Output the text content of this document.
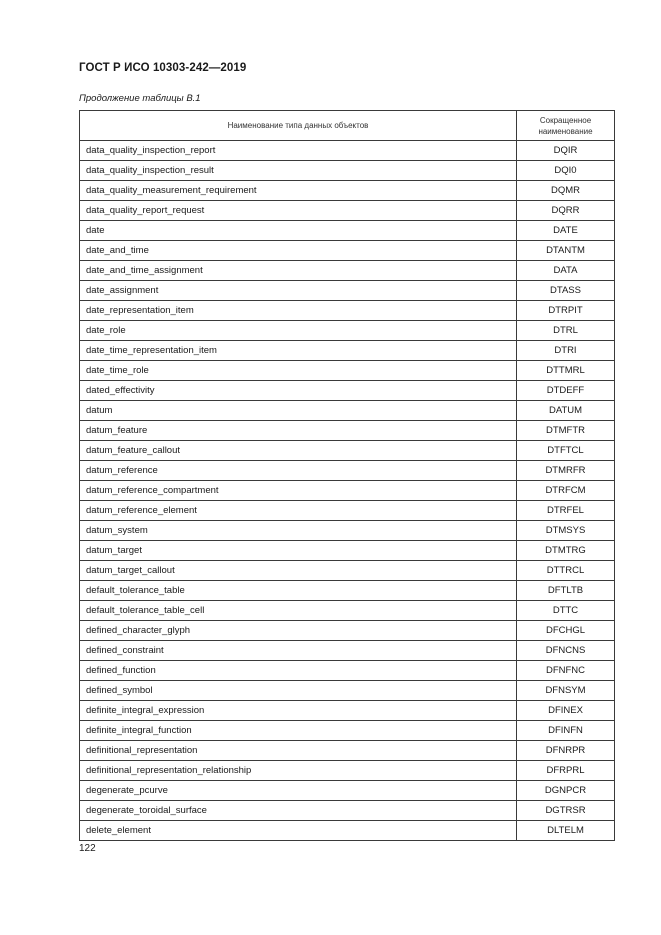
ГОСТ Р ИСО 10303-242—2019
Продолжение таблицы В.1
Наименование типа данных объектов	Сокращенное наименование
data_quality_inspection_report	DQIR
data_quality_inspection_result	DQI0
data_quality_measurement_requirement	DQMR
data_quality_report_request	DQRR
date	DATE
date_and_time	DTANTM
date_and_time_assignment	DATA
date_assignment	DTASS
date_representation_item	DTRPIT
date_role	DTRL
date_time_representation_item	DTRI
date_time_role	DTTMRL
dated_effectivity	DTDEFF
datum	DATUM
datum_feature	DTMFTR
datum_feature_callout	DTFTCL
datum_reference	DTMRFR
datum_reference_compartment	DTRFCM
datum_reference_element	DTRFEL
datum_system	DTMSYS
datum_target	DTMTRG
datum_target_callout	DTTRCL
default_tolerance_table	DFTLTB
default_tolerance_table_cell	DTTC
defined_character_glyph	DFCHGL
defined_constraint	DFNCNS
defined_function	DFNFNC
defined_symbol	DFNSYM
definite_integral_expression	DFINEX
definite_integral_function	DFINFN
definitional_representation	DFNRPR
definitional_representation_relationship	DFRPRL
degenerate_pcurve	DGNPCR
degenerate_toroidal_surface	DGTRSR
delete_element	DLTELM
122
